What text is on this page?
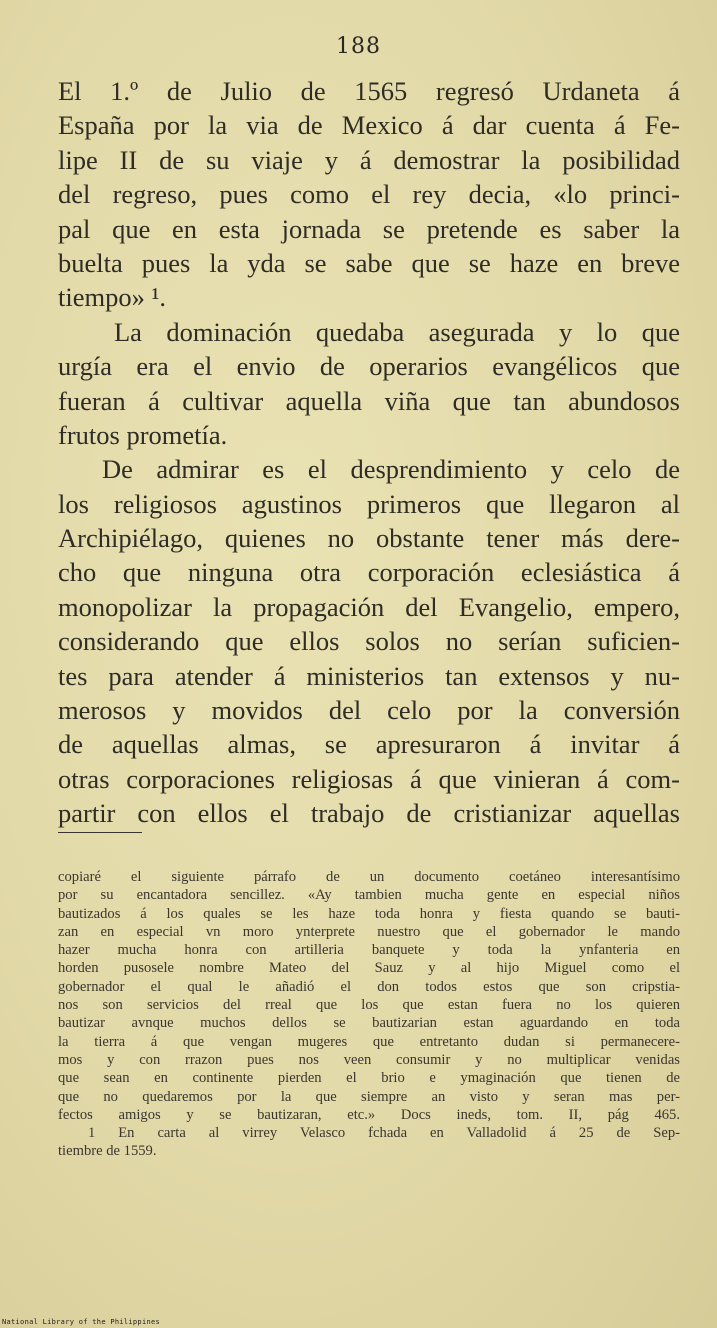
188
El 1.º de Julio de 1565 regresó Urdaneta á
España por la via de Mexico á dar cuenta á Fe-
lipe II de su viaje y á demostrar la posibilidad
del regreso, pues como el rey decia, «lo princi-
pal que en esta jornada se pretende es saber la
buelta pues la yda se sabe que se haze en breve
tiempo» ¹.
La dominación quedaba asegurada y lo que
urgía era el envio de operarios evangélicos que
fueran á cultivar aquella viña que tan abundosos
frutos prometía.
De admirar es el desprendimiento y celo de
los religiosos agustinos primeros que llegaron al
Archipiélago, quienes no obstante tener más dere-
cho que ninguna otra corporación eclesiástica á
monopolizar la propagación del Evangelio, empero,
considerando que ellos solos no serían suficien-
tes para atender á ministerios tan extensos y nu-
merosos y movidos del celo por la conversión
de aquellas almas, se apresuraron á invitar á
otras corporaciones religiosas á que vinieran á com-
partir con ellos el trabajo de cristianizar aquellas
copiaré el siguiente párrafo de un documento coetáneo interesantísimo
por su encantadora sencillez. «Ay tambien mucha gente en especial niños
bautizados á los quales se les haze toda honra y fiesta quando se bauti-
zan en especial vn moro ynterprete nuestro que el gobernador le mando
hazer mucha honra con artilleria banquete y toda la ynfanteria en
horden pusosele nombre Mateo del Sauz y al hijo Miguel como el
gobernador el qual le añadió el don todos estos que son cripstia-
nos son servicios del rreal que los que estan fuera no los quieren
bautizar avnque muchos dellos se bautizarian estan aguardando en toda
la tierra á que vengan mugeres que entretanto dudan si permanecere-
mos y con rrazon pues nos veen consumir y no multiplicar venidas
que sean en continente pierden el brio e ymaginación que tienen de
que no quedaremos por la que siempre an visto y seran mas per-
fectos amigos y se bautizaran, etc.» Docs ineds, tom. II, pág 465.
1 En carta al virrey Velasco fchada en Valladolid á 25 de Sep-
tiembre de 1559.
National Library of the Philippines
